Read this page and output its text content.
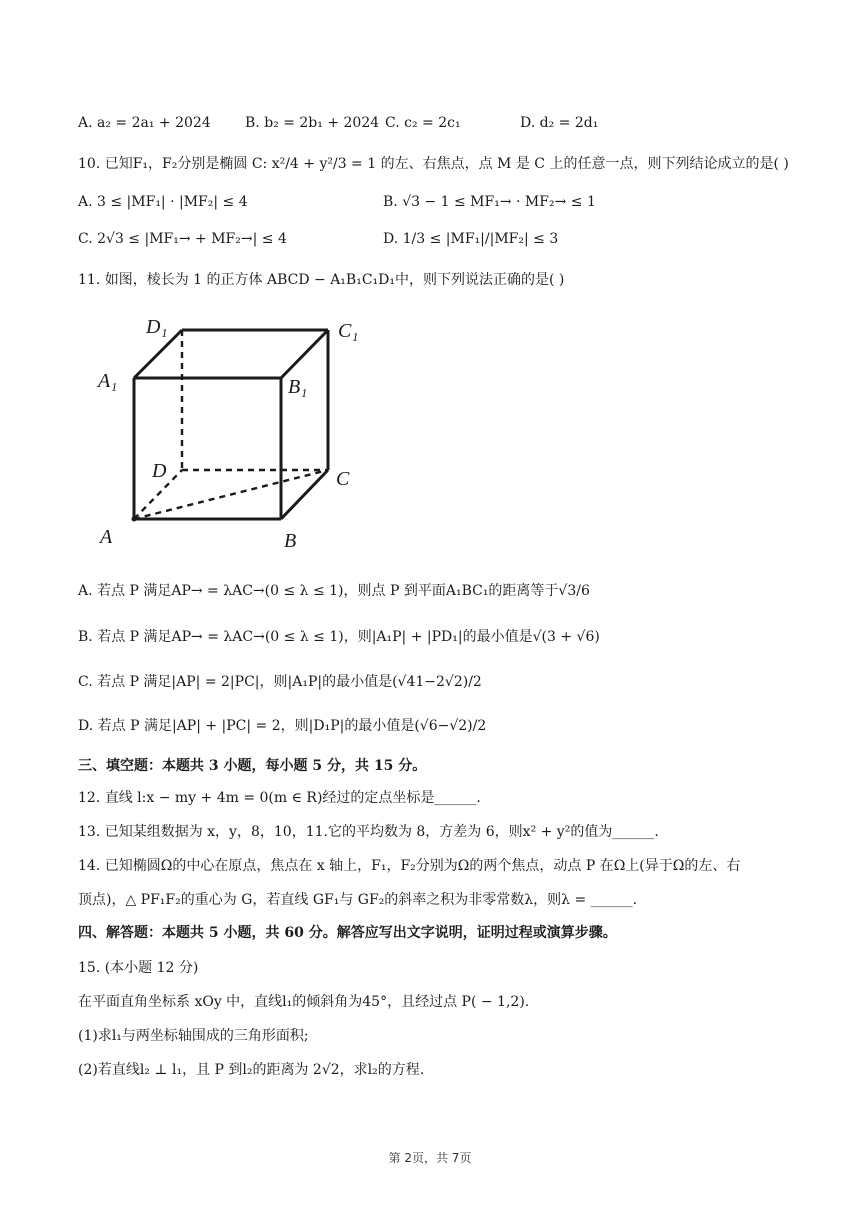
A. a₂ = 2a₁ + 2024 B. b₂ = 2b₁ + 2024 C. c₂ = 2c₁	D. d₂ = 2d₁
10. 已知F₁，F₂分别是椭圆 C: x²/4 + y²/3 = 1 的左、右焦点，点 M 是 C 上的任意一点，则下列结论成立的是( )
A. 3 ≤ |MF₁| · |MF₂| ≤ 4	B. √3 − 1 ≤ MF₁→ · MF₂→ ≤ 1
C. 2√3 ≤ |MF₁→ + MF₂→| ≤ 4	D. 1/3 ≤ |MF₁|/|MF₂| ≤ 3
11. 如图，棱长为 1 的正方体 ABCD − A₁B₁C₁D₁中，则下列说法正确的是( )
D₁	C₁
A₁	B₁
D	C
A	B
A. 若点 P 满足AP→ = λAC→(0 ≤ λ ≤ 1)，则点 P 到平面A₁BC₁的距离等于√3/6
B. 若点 P 满足AP→ = λAC→(0 ≤ λ ≤ 1)，则|A₁P| + |PD₁|的最小值是√(3 + √6)
C. 若点 P 满足|AP| = 2|PC|，则|A₁P|的最小值是(√41−2√2)/2
D. 若点 P 满足|AP| + |PC| = 2，则|D₁P|的最小值是(√6−√2)/2
三、填空题：本题共 3 小题，每小题 5 分，共 15 分。
12. 直线 l:x − my + 4m = 0(m ∈ R)经过的定点坐标是______.
13. 已知某组数据为 x，y，8，10，11.它的平均数为 8，方差为 6，则x² + y²的值为______.
14. 已知椭圆Ω的中心在原点，焦点在 x 轴上，F₁，F₂分别为Ω的两个焦点，动点 P 在Ω上(异于Ω的左、右
顶点)，△ PF₁F₂的重心为 G，若直线 GF₁与 GF₂的斜率之积为非零常数λ，则λ = ______.
四、解答题：本题共 5 小题，共 60 分。解答应写出文字说明，证明过程或演算步骤。
15. (本小题 12 分)
在平面直角坐标系 xOy 中，直线l₁的倾斜角为45°，且经过点 P( − 1,2).
(1)求l₁与两坐标轴围成的三角形面积;
(2)若直线l₂ ⊥ l₁，且 P 到l₂的距离为 2√2，求l₂的方程.
第 2页，共 7页
